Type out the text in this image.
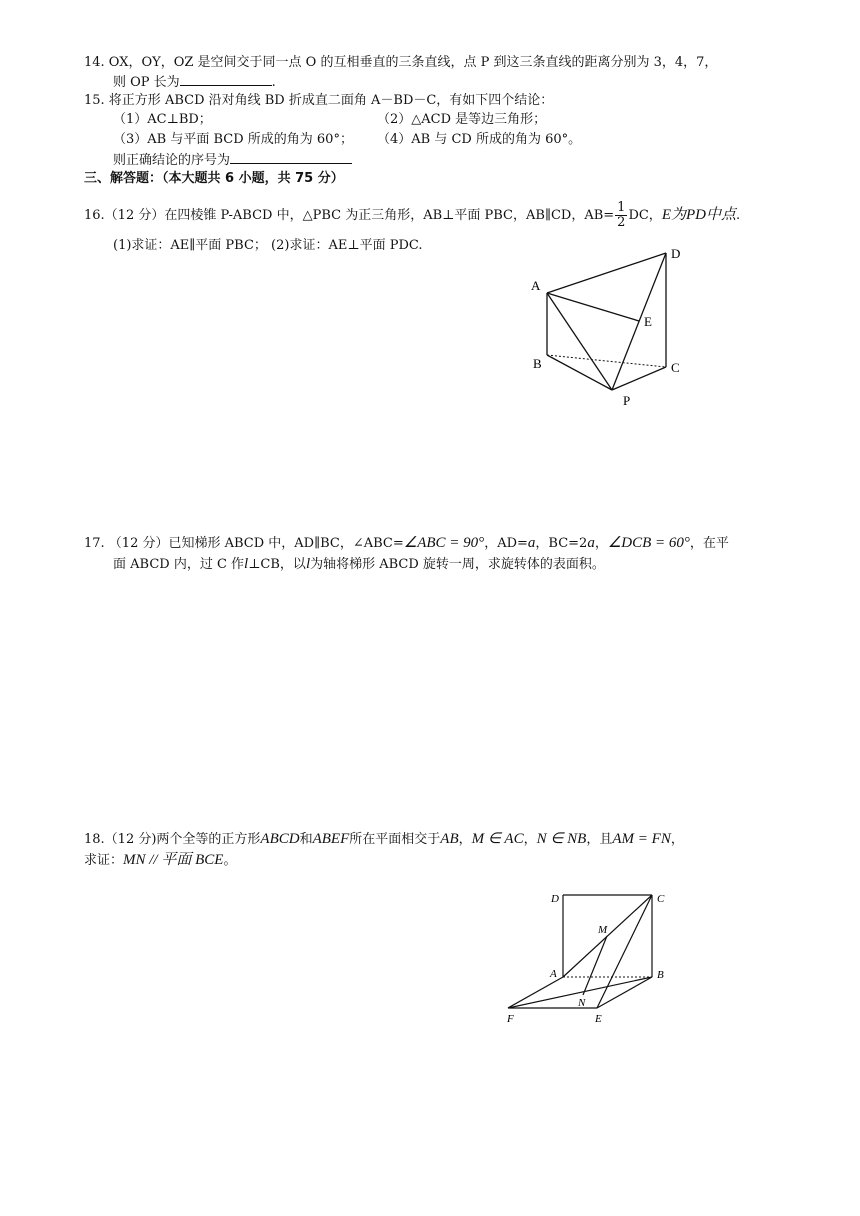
14. OX，OY，OZ 是空间交于同一点 O 的互相垂直的三条直线，点 P 到这三条直线的距离分别为 3，4，7，
则 OP 长为	.
15. 将正方形 ABCD 沿对角线 BD 折成直二面角 A－BD－C，有如下四个结论：
（1）AC⊥BD；	（2）△ACD 是等边三角形；
（3）AB 与平面 BCD 所成的角为 60°； （4）AB 与 CD 所成的角为 60°。
则正确结论的序号为
三、解答题：（本大题共 6 小题，共 75 分）
16.（12 分）在四棱锥 P-ABCD 中，△PBC 为正三角形，AB⊥平面 PBC，AB∥CD，$AB= \frac{1}{2}$ DC，E为PD中点.
(1)求证：AE∥平面 PBC； (2)求证：AE⊥平面 PDC.
A
B	C
D
E
P
17. （12 分）已知梯形 ABCD 中，AD∥BC，∠ABC=∠ABC = 90°，AD=a，BC=2a，∠DCB = 60°，在平
面 ABCD 内，过 C 作l⊥CB，以l为轴将梯形 ABCD 旋转一周，求旋转体的表面积。
18.（12 分)两个全等的正方形ABCD和ABEF所在平面相交于AB，M ∈ AC，N ∈ NB，且AM = FN，
求证：MN // 平面 BCE。
D	C
M
A	B
N
F	E
